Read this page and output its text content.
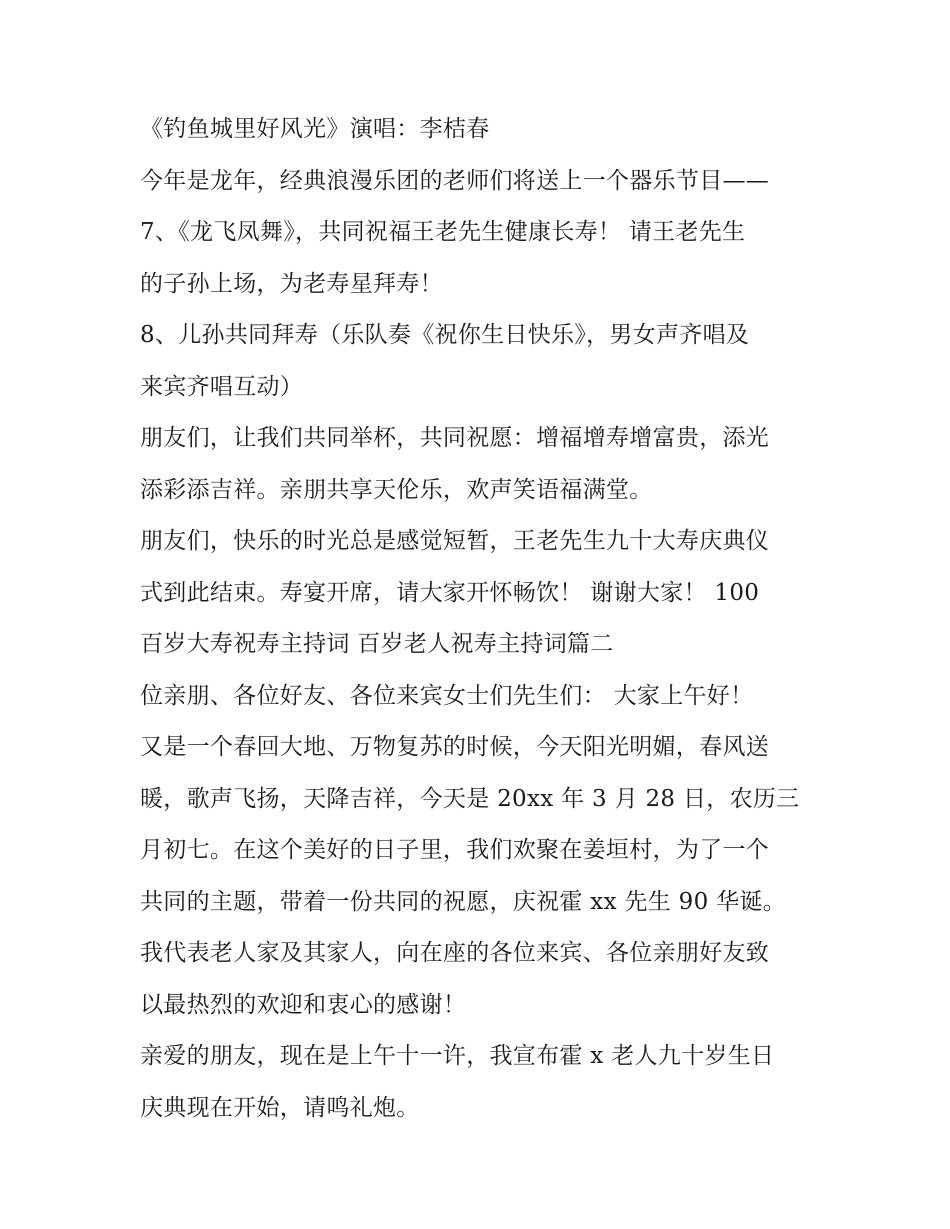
《钓鱼城里好风光》演唱：李桔春
今年是龙年，经典浪漫乐团的老师们将送上一个器乐节目——
7、《龙飞凤舞》，共同祝福王老先生健康长寿！ 请王老先生
的子孙上场，为老寿星拜寿！
8、儿孙共同拜寿（乐队奏《祝你生日快乐》，男女声齐唱及
来宾齐唱互动）
朋友们，让我们共同举杯，共同祝愿：增福增寿增富贵，添光
添彩添吉祥。亲朋共享天伦乐，欢声笑语福满堂。
朋友们，快乐的时光总是感觉短暂，王老先生九十大寿庆典仪
式到此结束。寿宴开席，请大家开怀畅饮！ 谢谢大家！ 100
百岁大寿祝寿主持词 百岁老人祝寿主持词篇二
位亲朋、各位好友、各位来宾女士们先生们： 大家上午好！
又是一个春回大地、万物复苏的时候，今天阳光明媚，春风送
暖，歌声飞扬，天降吉祥，今天是 20xx 年 3 月 28 日，农历三
月初七。在这个美好的日子里，我们欢聚在姜垣村，为了一个
共同的主题，带着一份共同的祝愿，庆祝霍 xx 先生 90 华诞。
我代表老人家及其家人，向在座的各位来宾、各位亲朋好友致
以最热烈的欢迎和衷心的感谢！
亲爱的朋友，现在是上午十一许，我宣布霍 x 老人九十岁生日
庆典现在开始，请鸣礼炮。
